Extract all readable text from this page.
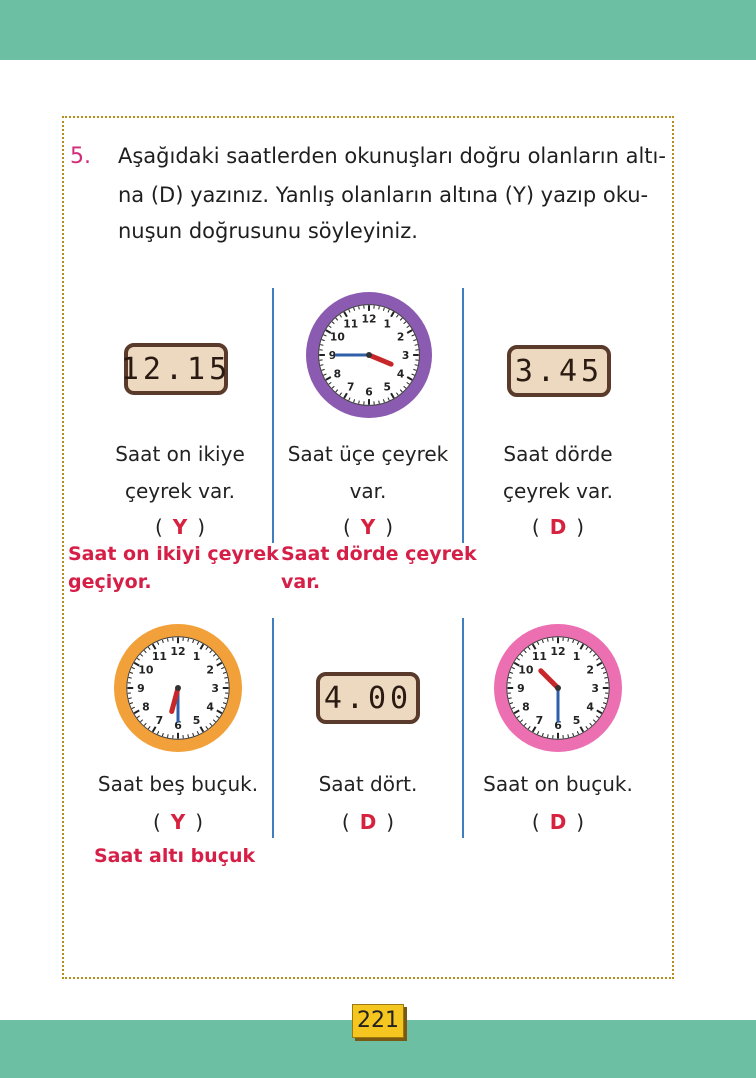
5. Aşağıdaki saatlerden okunuşları doğru olanların altı-
na (D) yazınız. Yanlış olanların altına (Y) yazıp oku-
nuşun doğrusunu söyleyiniz.
12.15
1
2
3
4
5
6
7
8
9
10
11 12
3.45
Saat on ikiye
çeyrek var.
( Y )
Saat üçe çeyrek
var.
( Y )
Saat dörde
çeyrek var.
( D )
Saat on ikiyi çeyrek
geçiyor.
Saat dörde çeyrek
var.
1
2
3
4
5
6
7
8
9
10
11 12
4.00
1
2
3
4
5
6
7
8
9
10
11 12
Saat beş buçuk.
( Y )
Saat dört.
( D )
Saat on buçuk.
( D )
Saat altı buçuk
221
